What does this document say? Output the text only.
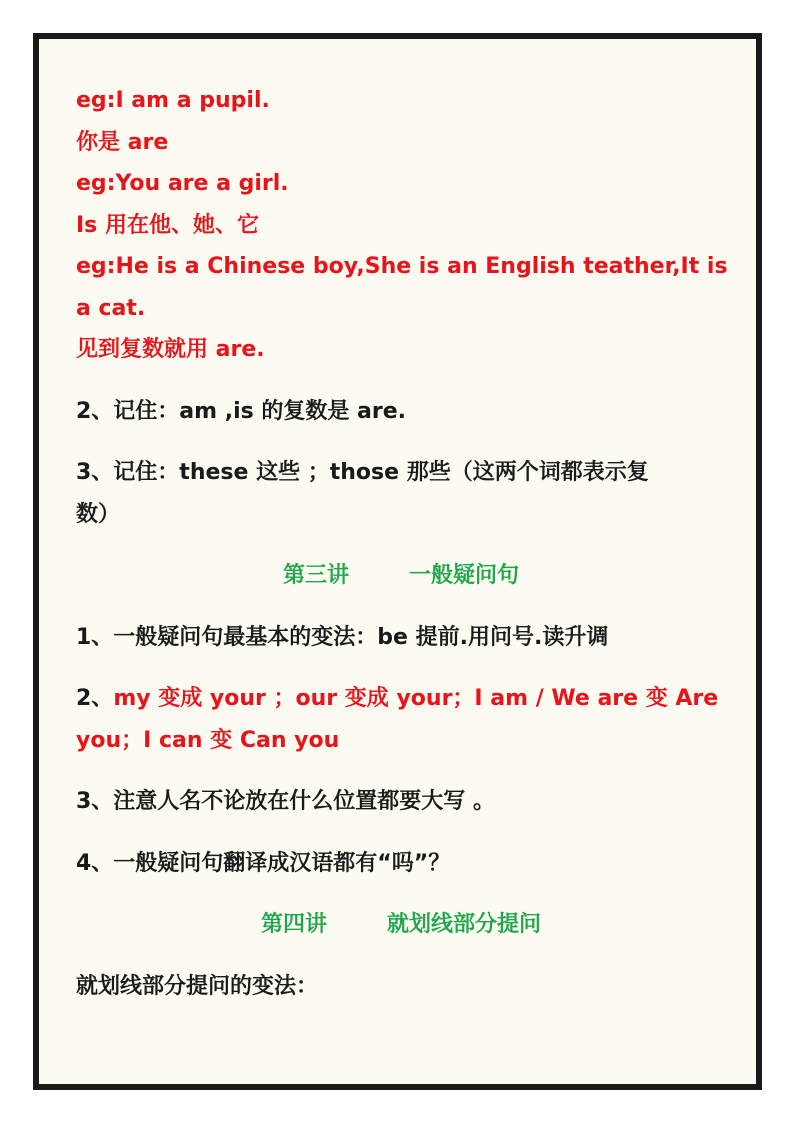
eg:I am a pupil.

你是 are

eg:You are a girl.

Is 用在他、她、它

eg:He is a Chinese boy,She is an English teather,It is

a cat.

见到复数就用 are.

2、记住：am ,is 的复数是 are.

3、记住：these 这些 ；those 那些（这两个词都表示复

数）

第三讲	一般疑问句

1、一般疑问句最基本的变法：be 提前.用问号.读升调

2、my 变成 your ；our 变成 your；I am / We are 变 Are

you；I can 变 Can you

3、注意人名不论放在什么位置都要大写 。

4、一般疑问句翻译成汉语都有“吗”？

第四讲	就划线部分提问

就划线部分提问的变法：
